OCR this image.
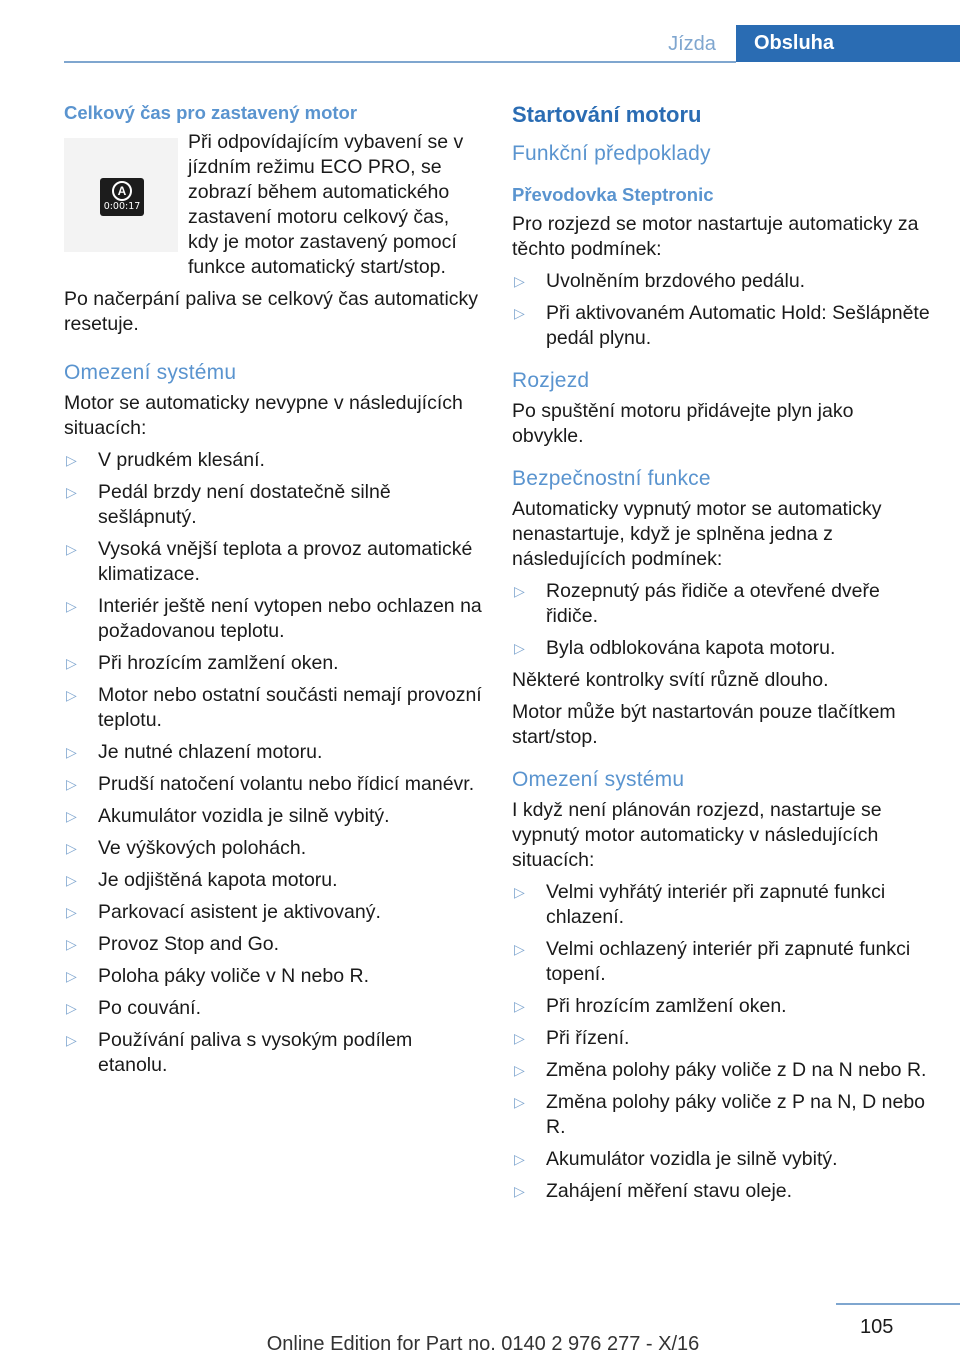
Jízda	Obsluha
Celkový čas pro zastavený motor
A
0:00:17

Při odpovídajícím vybavení se v jízdním režimu ECO PRO, se zobrazí během automatického zastavení motoru celkový čas, kdy je motor zastavený pomocí funkce automatický start/stop.

Po načerpání paliva se celkový čas automaticky resetuje.

Omezení systému

Motor se automaticky nevypne v následujících situacích:

▷ V prudkém klesání.
▷ Pedál brzdy není dostatečně silně sešlápnutý.
▷ Vysoká vnější teplota a provoz automatické klimatizace.
▷ Interiér ještě není vytopen nebo ochlazen na požadovanou teplotu.
▷ Při hrozícím zamlžení oken.
▷ Motor nebo ostatní součásti nemají provozní teplotu.
▷ Je nutné chlazení motoru.
▷ Prudší natočení volantu nebo řídicí manévr.
▷ Akumulátor vozidla je silně vybitý.
▷ Ve výškových polohách.
▷ Je odjištěná kapota motoru.
▷ Parkovací asistent je aktivovaný.
▷ Provoz Stop and Go.
▷ Poloha páky voliče v N nebo R.
▷ Po couvání.
▷ Používání paliva s vysokým podílem etanolu.
Startování motoru
Funkční předpoklady
Převodovka Steptronic

Pro rozjezd se motor nastartuje automaticky za těchto podmínek:

▷ Uvolněním brzdového pedálu.
▷ Při aktivovaném Automatic Hold: Sešlápněte pedál plynu.
Rozjezd

Po spuštění motoru přidávejte plyn jako obvykle.

Bezpečnostní funkce

Automaticky vypnutý motor se automaticky nenastartuje, když je splněna jedna z následujících podmínek:

▷ Rozepnutý pás řidiče a otevřené dveře řidiče.
▷ Byla odblokována kapota motoru.

Některé kontrolky svítí různě dlouho.

Motor může být nastartován pouze tlačítkem start/stop.

Omezení systému

I když není plánován rozjezd, nastartuje se vypnutý motor automaticky v následujících situacích:

▷ Velmi vyhřátý interiér při zapnuté funkci chlazení.
▷ Velmi ochlazený interiér při zapnuté funkci topení.
▷ Při hrozícím zamlžení oken.
▷ Při řízení.
▷ Změna polohy páky voliče z D na N nebo R.
▷ Změna polohy páky voliče z P na N, D nebo R.
▷ Akumulátor vozidla je silně vybitý.
▷ Zahájení měření stavu oleje.
105
Online Edition for Part no. 0140 2 976 277 - X/16
